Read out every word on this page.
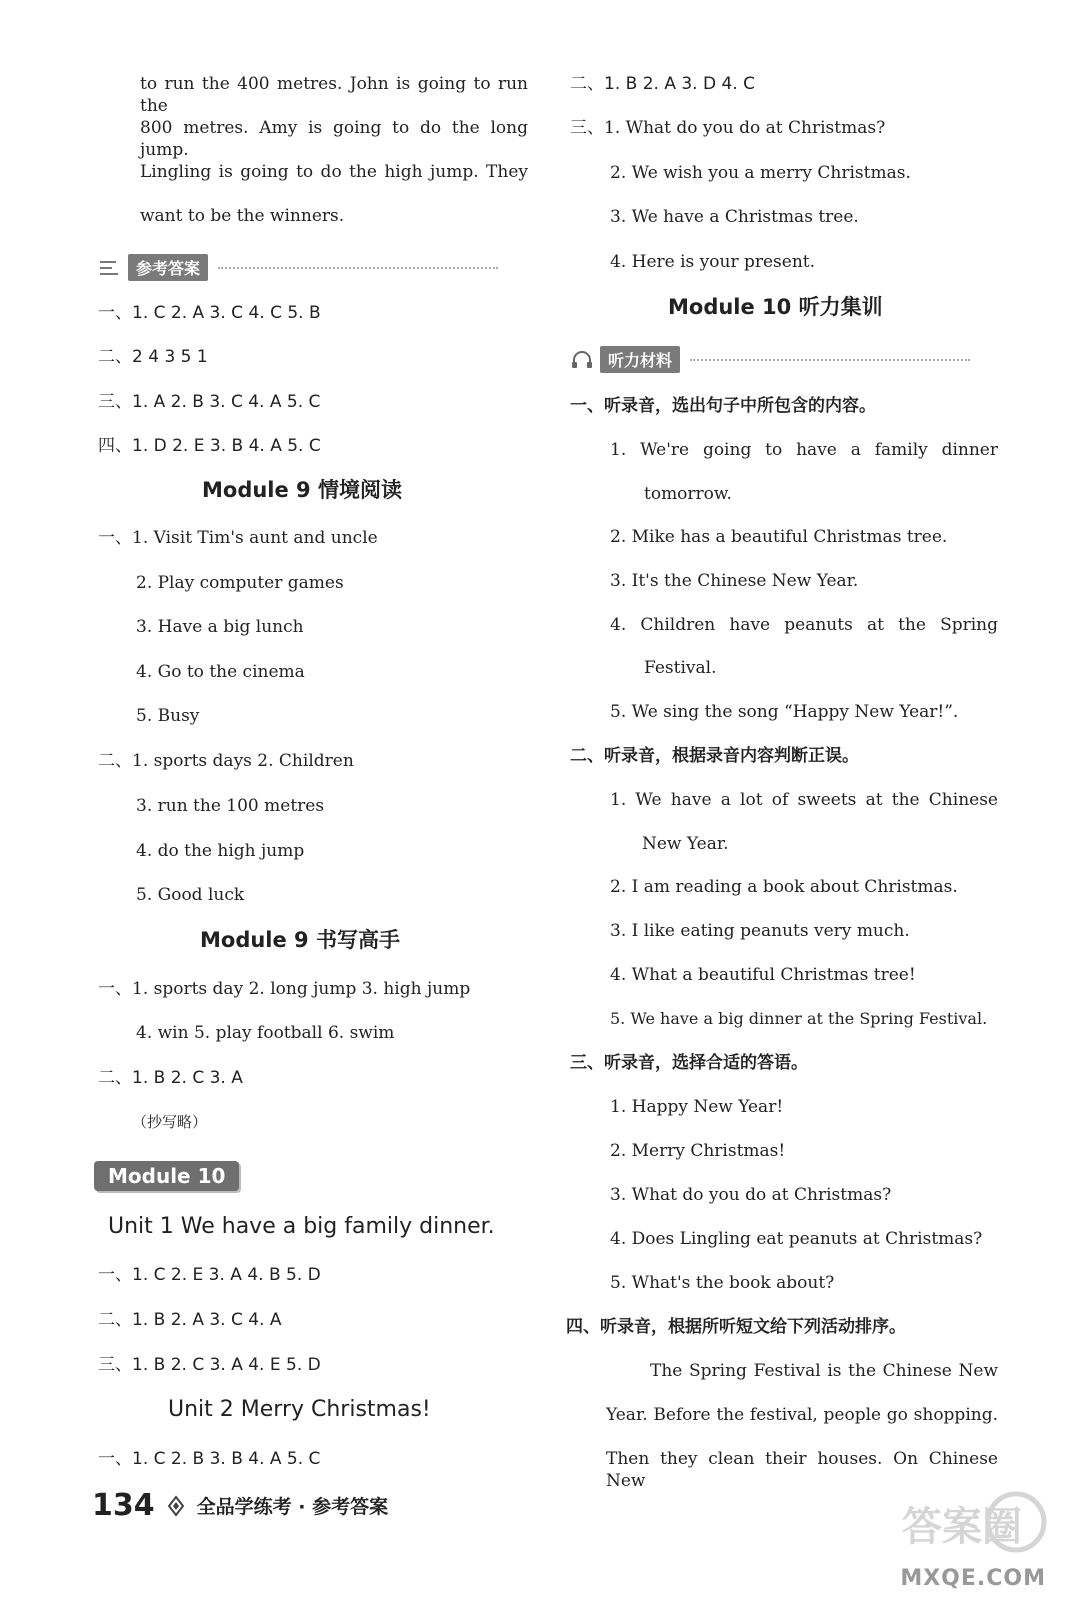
to run the 400 metres. John is going to run the
800 metres. Amy is going to do the long jump.
Lingling is going to do the high jump. They
want to be the winners.
参考答案
一、1. C 2. A 3. C 4. C 5. B
二、2 4 3 5 1
三、1. A 2. B 3. C 4. A 5. C
四、1. D 2. E 3. B 4. A 5. C
Module 9 情境阅读
一、1. Visit Tim's aunt and uncle
2. Play computer games
3. Have a big lunch
4. Go to the cinema
5. Busy
二、1. sports days 2. Children
3. run the 100 metres
4. do the high jump
5. Good luck
Module 9 书写高手
一、1. sports day 2. long jump 3. high jump
4. win 5. play football 6. swim
二、1. B 2. C 3. A
（抄写略）
Module 10
Unit 1 We have a big family dinner.
一、1. C 2. E 3. A 4. B 5. D
二、1. B 2. A 3. C 4. A
三、1. B 2. C 3. A 4. E 5. D
Unit 2 Merry Christmas!
一、1. C 2. B 3. B 4. A 5. C
二、1. B 2. A 3. D 4. C
三、1. What do you do at Christmas?
2. We wish you a merry Christmas.
3. We have a Christmas tree.
4. Here is your present.
Module 10 听力集训
听力材料
一、听录音，选出句子中所包含的内容。
1. We're going to have a family dinner
tomorrow.
2. Mike has a beautiful Christmas tree.
3. It's the Chinese New Year.
4. Children have peanuts at the Spring
Festival.
5. We sing the song “Happy New Year!”.
二、听录音，根据录音内容判断正误。
1. We have a lot of sweets at the Chinese
New Year.
2. I am reading a book about Christmas.
3. I like eating peanuts very much.
4. What a beautiful Christmas tree!
5. We have a big dinner at the Spring Festival.
三、听录音，选择合适的答语。
1. Happy New Year!
2. Merry Christmas!
3. What do you do at Christmas?
4. Does Lingling eat peanuts at Christmas?
5. What's the book about?
四、听录音，根据所听短文给下列活动排序。
The Spring Festival is the Chinese New
Year. Before the festival, people go shopping.
Then they clean their houses. On Chinese New
134 全品学练考 · 参考答案	答案圈
MXQE.COM
